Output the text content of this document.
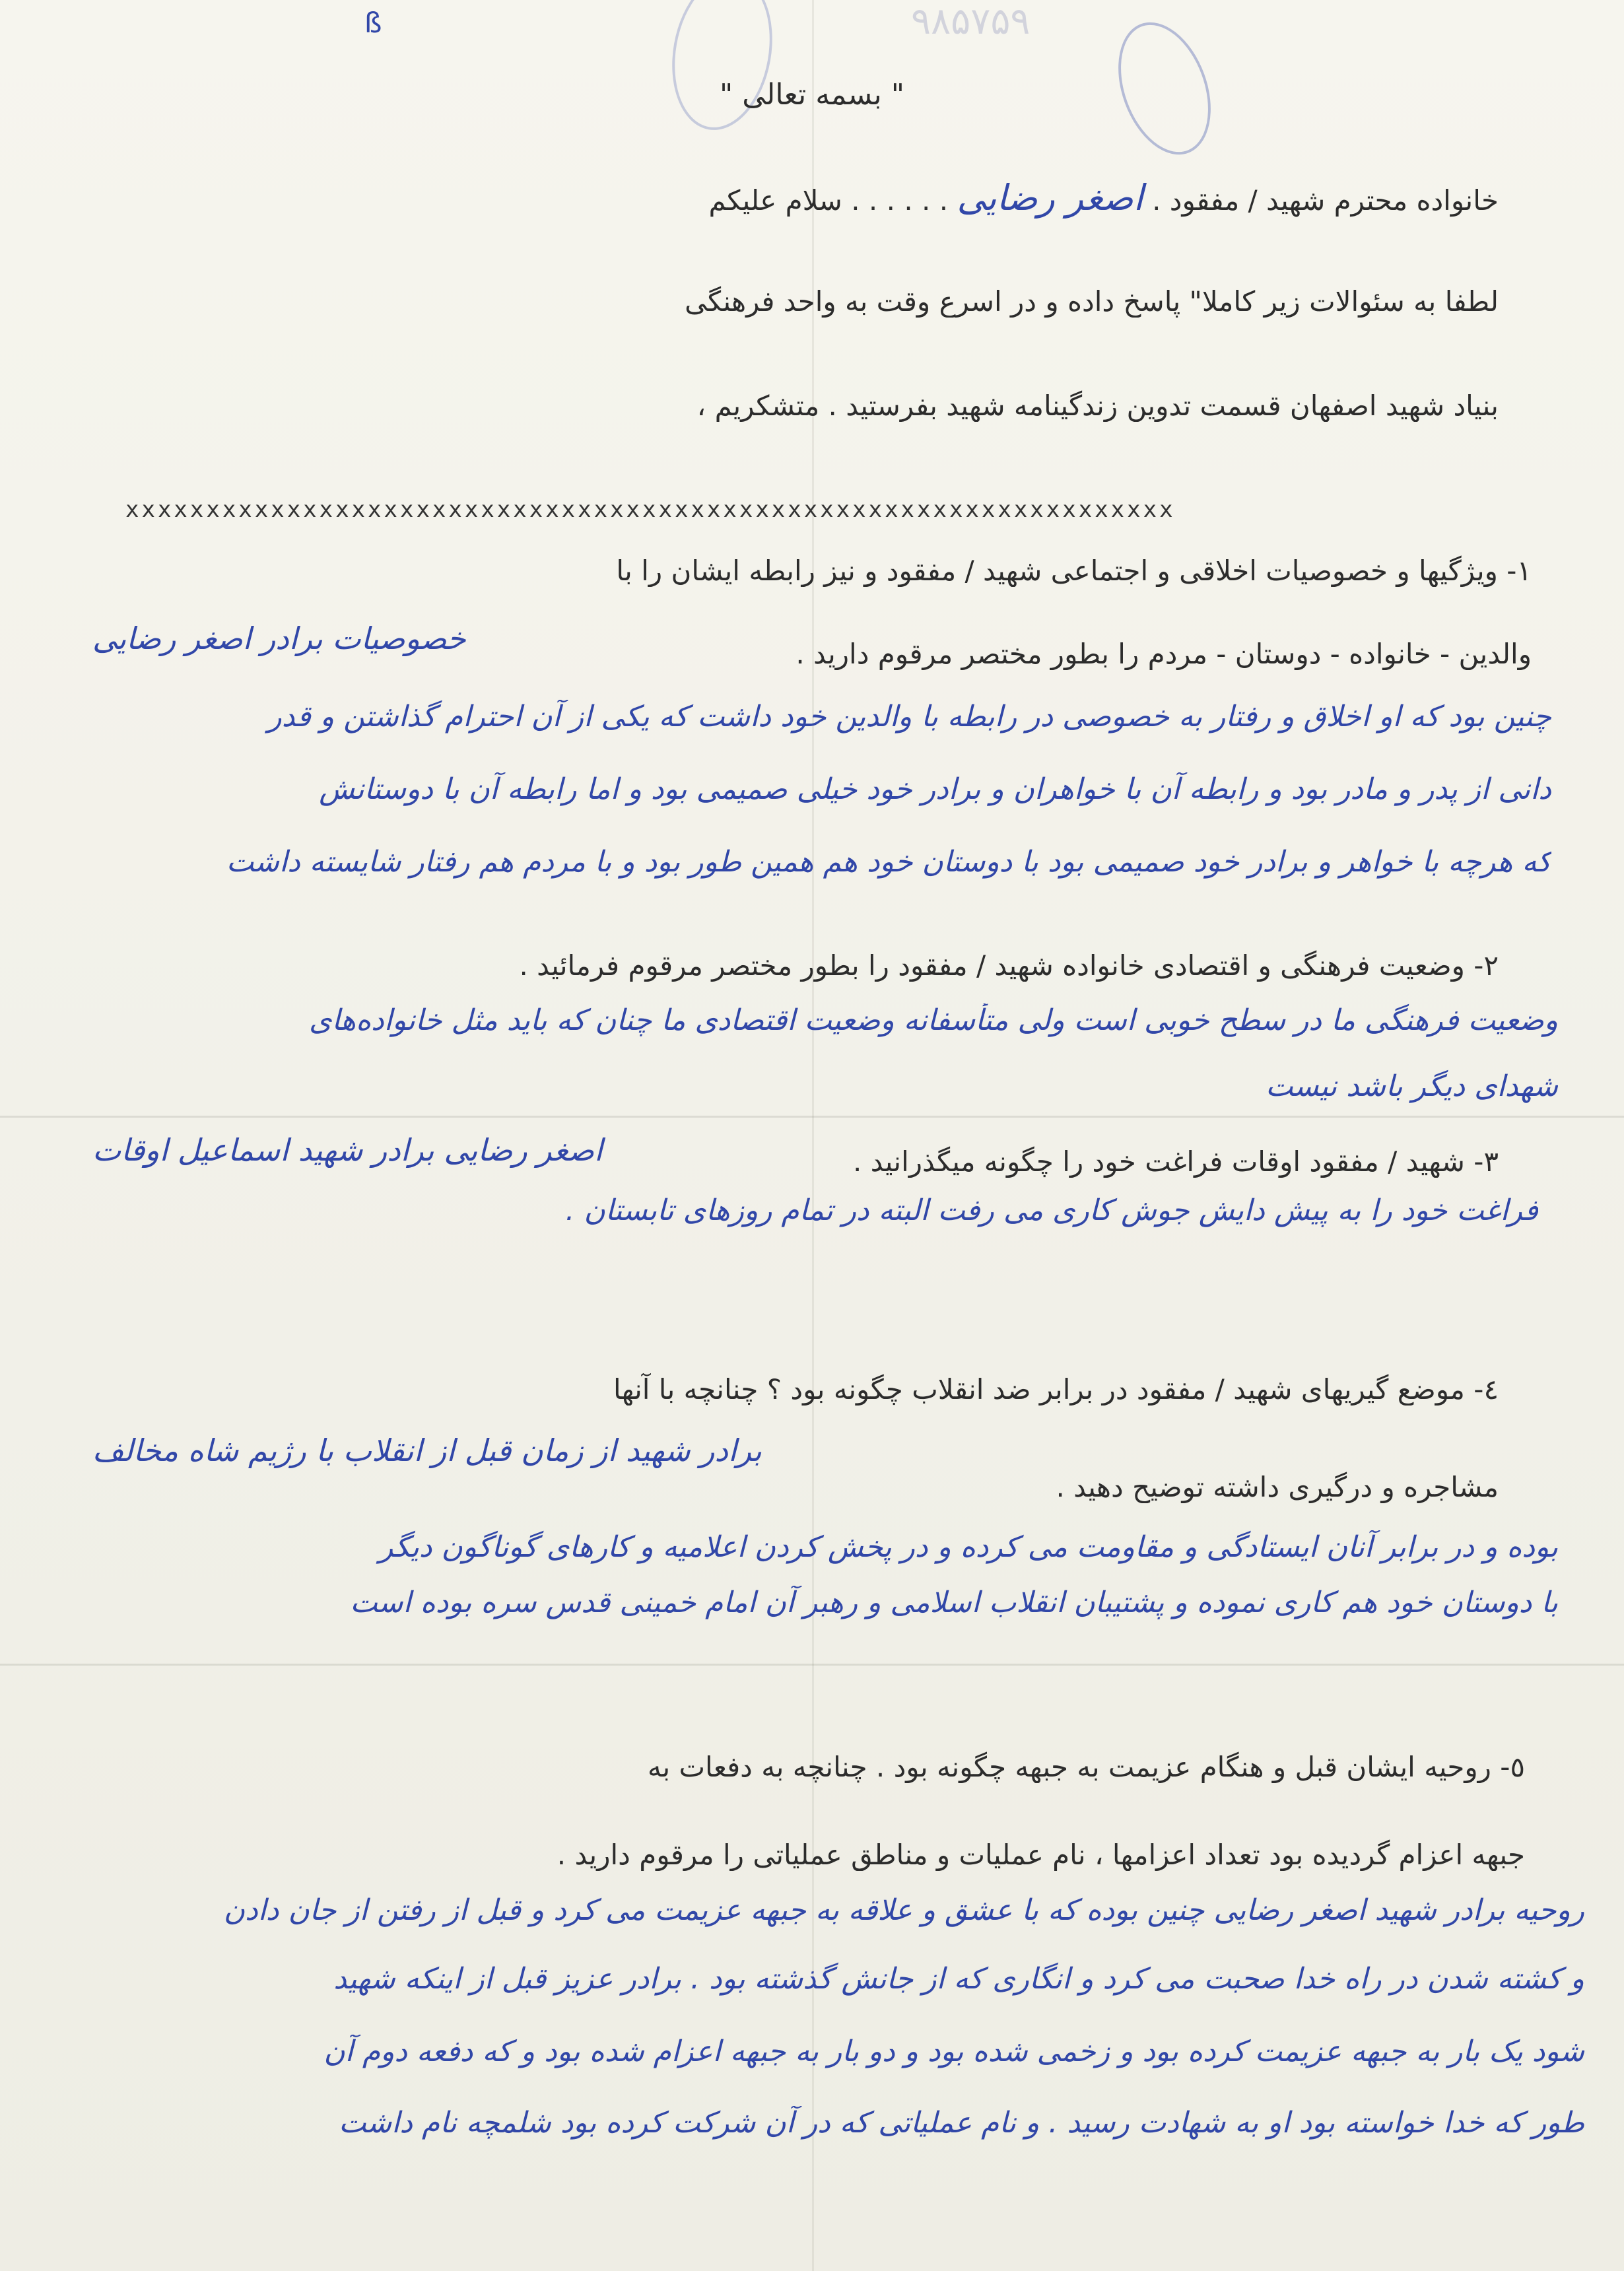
ß	۹۸۵۷۵۹
" بسمه تعالی "
خانواده محترم شهید / مفقود . اصغر رضایی . . . . . . سلام علیکم
لطفا به سئوالات زیر کاملا" پاسخ داده و در اسرع وقت به واحد فرهنگی
بنیاد شهید اصفهان قسمت تدوین زندگینامه شهید بفرستید . متشکریم ،
xxxxxxxxxxxxxxxxxxxxxxxxxxxxxxxxxxxxxxxxxxxxxxxxxxxxxxxxxxxxxxxxx
١- ویژگیها و خصوصیات اخلاقی و اجتماعی شهید / مفقود و نیز رابطه ایشان را با
والدین - خانواده - دوستان - مردم را بطور مختصر مرقوم دارید .
خصوصیات برادر اصغر رضایی
چنین بود که او اخلاق و رفتار به خصوصی در رابطه با والدین خود داشت که یکی از آن احترام گذاشتن و قدر
دانی از پدر و مادر بود و رابطه آن با خواهران و برادر خود خیلی صمیمی بود و اما رابطه آن با دوستانش
که هرچه با خواهر و برادر خود صمیمی بود با دوستان خود هم همین طور بود و با مردم هم رفتار شایسته داشت
٢- وضعیت فرهنگی و اقتصادی خانواده شهید / مفقود را بطور مختصر مرقوم فرمائید .
وضعیت فرهنگی ما در سطح خوبی است ولی متأسفانه وضعیت اقتصادی ما چنان که باید مثل خانواده‌های
شهدای دیگر باشد نیست
٣- شهید / مفقود اوقات فراغت خود را چگونه میگذرانید .
اصغر رضایی برادر شهید اسماعیل اوقات
فراغت خود را به پیش دایش جوش کاری می رفت البته در تمام روزهای تابستان .
٤- موضع گیریهای شهید / مفقود در برابر ضد انقلاب چگونه بود ؟ چنانچه با آنها
مشاجره و درگیری داشته توضیح دهید .
برادر شهید از زمان قبل از انقلاب با رژیم شاه مخالف
بوده و در برابر آنان ایستادگی و مقاومت می کرده و در پخش کردن اعلامیه و کارهای گوناگون دیگر
با دوستان خود هم کاری نموده و پشتیبان انقلاب اسلامی و رهبر آن امام خمینی قدس سره بوده است
٥- روحیه ایشان قبل و هنگام عزیمت به جبهه چگونه بود . چنانچه به دفعات به
جبهه اعزام گردیده بود تعداد اعزامها ، نام عملیات و مناطق عملیاتی را مرقوم دارید .
روحیه برادر شهید اصغر رضایی چنین بوده که با عشق و علاقه به جبهه عزیمت می کرد و قبل از رفتن از جان دادن
و کشته شدن در راه خدا صحبت می کرد و انگاری که از جانش گذشته بود . برادر عزیز قبل از اینکه شهید
شود یک بار به جبهه عزیمت کرده بود و زخمی شده بود و دو بار به جبهه اعزام شده بود و که دفعه دوم آن
طور که خدا خواسته بود او به شهادت رسید . و نام عملیاتی که در آن شرکت کرده بود شلمچه نام داشت
